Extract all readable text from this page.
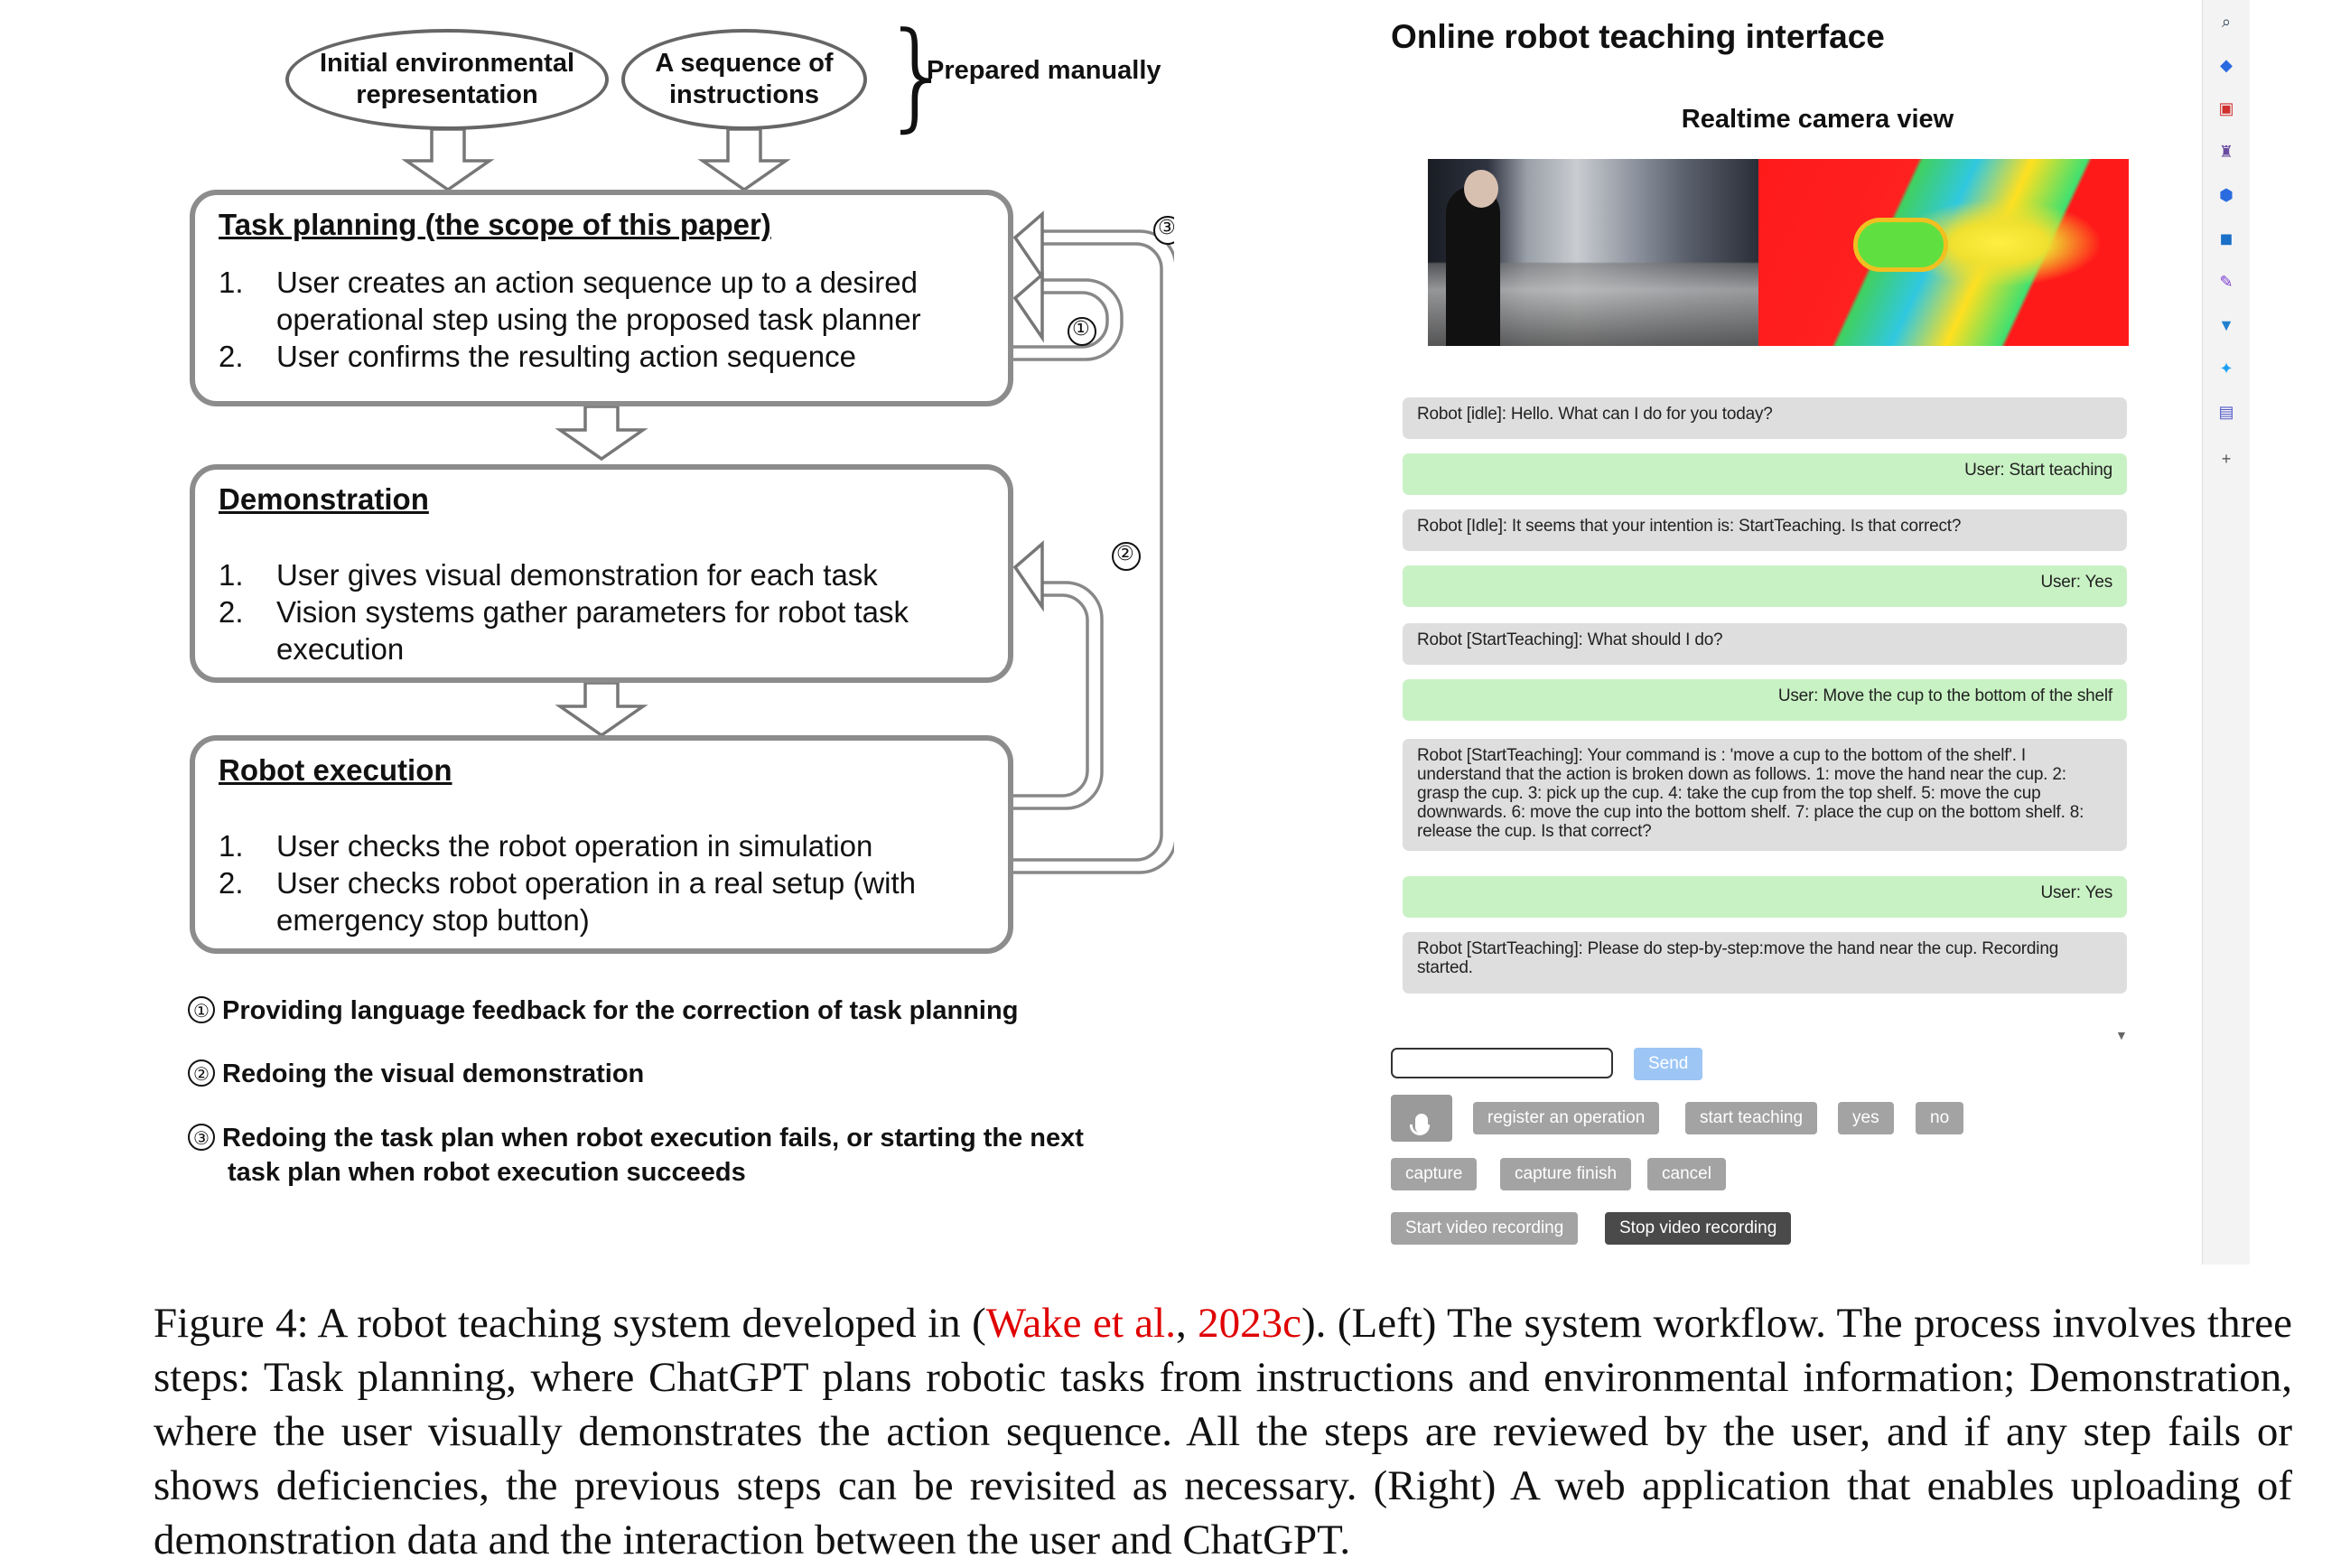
Initial environmental
representation
A sequence of
instructions }
Prepared manually
①
②
③
Task planning (the scope of this paper)
1.	User creates an action sequence up to a desired operational step using the proposed task planner
2.	User confirms the resulting action sequence
Demonstration
1.	User gives visual demonstration for each task
2.	Vision systems gather parameters for robot task execution
Robot execution
1.	User checks the robot operation in simulation
2.	User checks robot operation in a real setup (with emergency stop button)
① Providing language feedback for the correction of task planning
② Redoing the visual demonstration
③ Redoing the task plan when robot execution fails, or starting the next
task plan when robot execution succeeds
Online robot teaching interface
Realtime camera view
▼
Robot [idle]: Hello. What can I do for you today?
User: Start teaching
Robot [Idle]: It seems that your intention is: StartTeaching. Is that correct?
User: Yes
Robot [StartTeaching]: What should I do?
User: Move the cup to the bottom of the shelf
Robot [StartTeaching]: Your command is : 'move a cup to the bottom of the shelf'. I understand that the action is broken down as follows. 1: move the hand near the cup. 2: grasp the cup. 3: pick up the cup. 4: take the cup from the top shelf. 5: move the cup downwards. 6: move the cup into the bottom shelf. 7: place the cup on the bottom shelf. 8: release the cup. Is that correct?
User: Yes
Robot [StartTeaching]: Please do step-by-step:move the hand near the cup. Recording started.
Send
register an operation	start teaching	yes	no
capture	capture finish	cancel
Start video recording	Stop video recording
⌕
◆
▣
♜
⬢
◼
✎
▼
✦
▤
+
Figure 4: A robot teaching system developed in (Wake et al., 2023c). (Left) The system workflow. The process involves three steps: Task planning, where ChatGPT plans robotic tasks from instructions and environmental information; Demonstration, where the user visually demonstrates the action sequence. All the steps are reviewed by the user, and if any step fails or shows deficiencies, the previous steps can be revisited as necessary. (Right) A web application that enables uploading of demonstration data and the interaction between the user and ChatGPT.
